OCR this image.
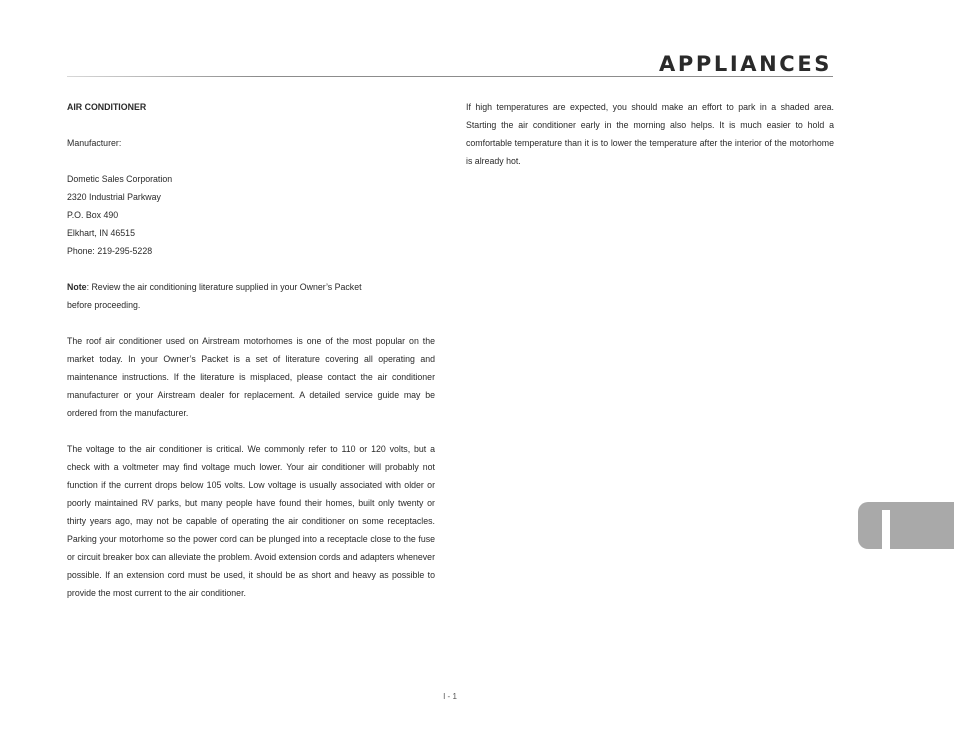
APPLIANCES

AIR CONDITIONER

Manufacturer:

Dometic Sales Corporation

2320 Industrial Parkway

P.O. Box 490

Elkhart, IN 46515

Phone: 219-295-5228

Note: Review the air conditioning literature supplied in your Owner’s Packet

before proceeding.

The roof air conditioner used on Airstream motorhomes is one of the most popular on the market today. In your Owner’s Packet is a set of literature covering all operating and maintenance instructions. If the literature is misplaced, please contact the air conditioner manufacturer or your Airstream dealer for replacement. A detailed service guide may be ordered from the manufacturer.

The voltage to the air conditioner is critical. We commonly refer to 110 or 120 volts, but a check with a voltmeter may find voltage much lower. Your air conditioner will probably not function if the current drops below 105 volts. Low voltage is usually associated with older or poorly maintained RV parks, but many people have found their homes, built only twenty or thirty years ago, may not be capable of operating the air conditioner on some receptacles. Parking your motorhome so the power cord can be plunged into a receptacle close to the fuse or circuit breaker box can alleviate the problem. Avoid extension cords and adapters whenever possible. If an extension cord must be used, it should be as short and heavy as possible to provide the most current to the air conditioner.

If high temperatures are expected, you should make an effort to park in a shaded area. Starting the air conditioner early in the morning also helps. It is much easier to hold a comfortable temperature than it is to lower the temperature after the interior of the motorhome is already hot.

I - 1
